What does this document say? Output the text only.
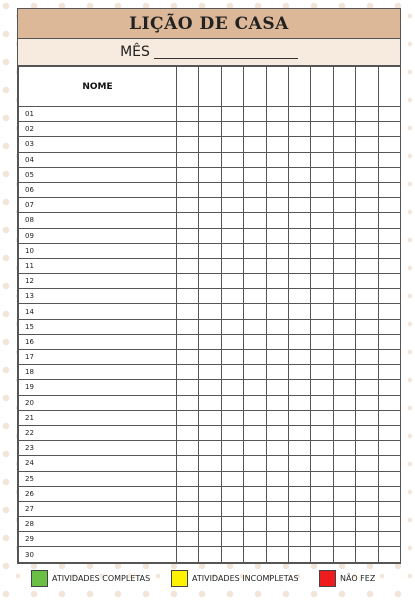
LIÇÃO DE CASA
MÊS
NOME										
01										
02										
03										
04										
05										
06										
07										
08										
09										
10										
11										
12										
13										
14										
15										
16										
17										
18										
19										
20										
21										
22										
23										
24										
25										
26										
27										
28										
29										
30										
ATIVIDADES COMPLETAS	ATIVIDADES INCOMPLETAS	NÃO FEZ
